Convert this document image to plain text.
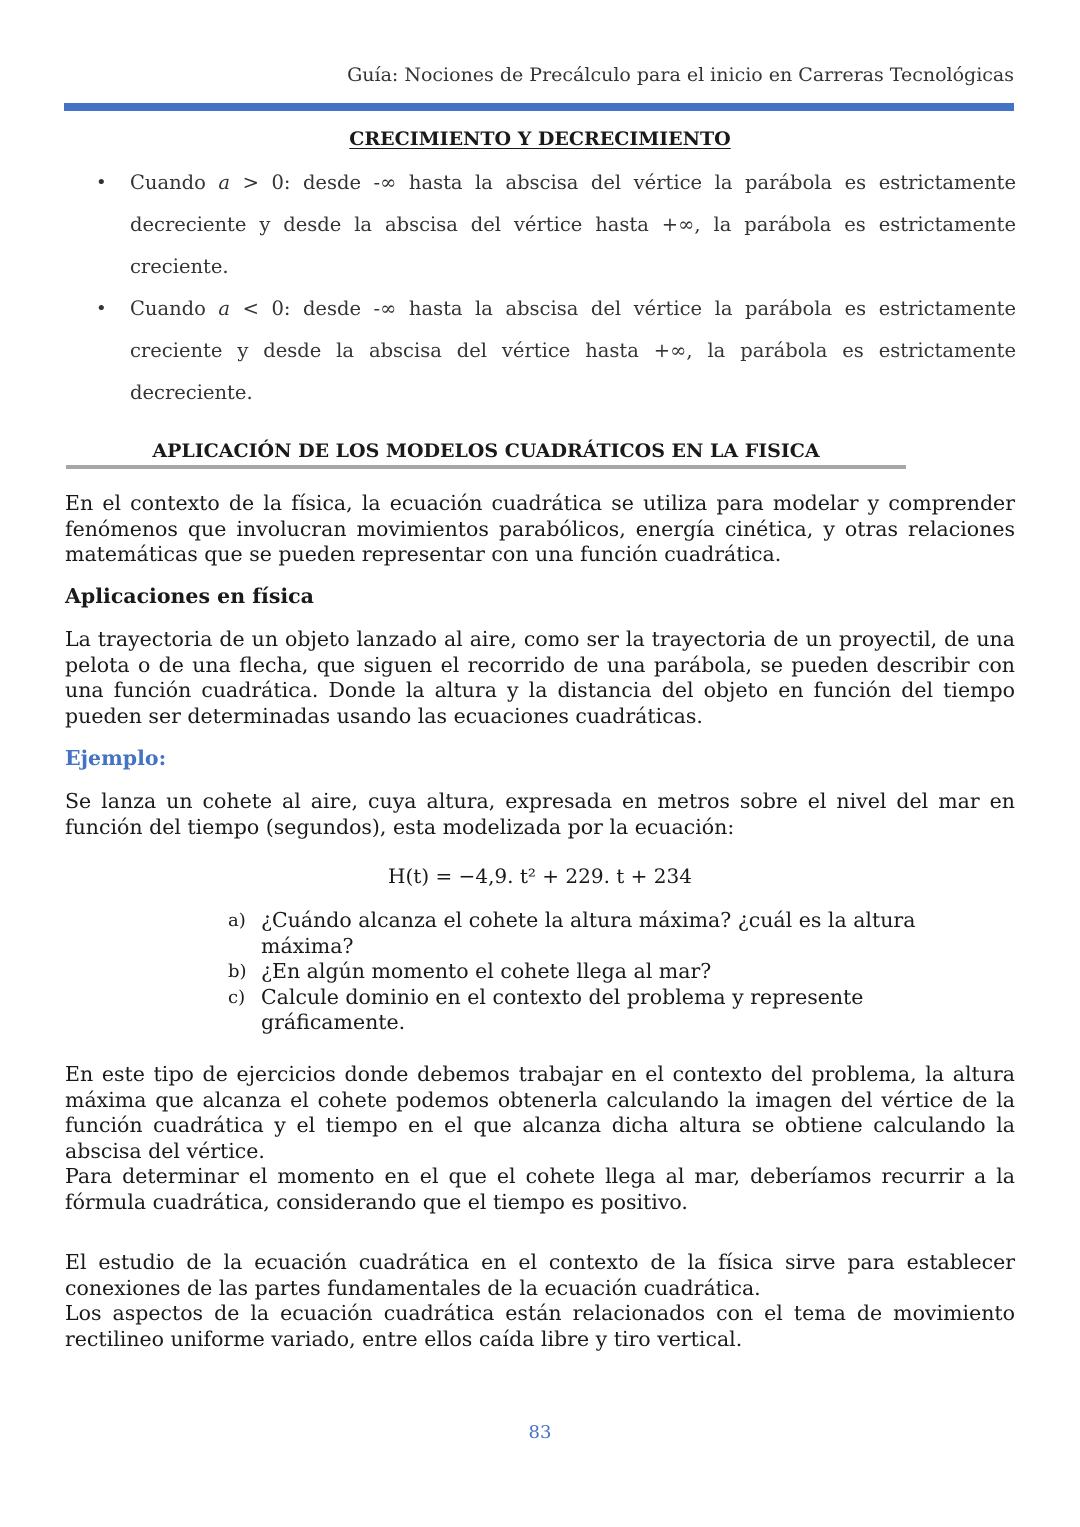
Guía: Nociones de Precálculo para el inicio en Carreras Tecnológicas
CRECIMIENTO Y DECRECIMIENTO
• Cuando a > 0: desde -∞ hasta la abscisa del vértice la parábola es estrictamente decreciente y desde la abscisa del vértice hasta +∞, la parábola es estrictamente creciente.
• Cuando a < 0: desde -∞ hasta la abscisa del vértice la parábola es estrictamente creciente y desde la abscisa del vértice hasta +∞, la parábola es estrictamente decreciente.
APLICACIÓN DE LOS MODELOS CUADRÁTICOS EN LA FISICA
En el contexto de la física, la ecuación cuadrática se utiliza para modelar y comprender
fenómenos que involucran movimientos parabólicos, energía cinética, y otras relaciones
matemáticas que se pueden representar con una función cuadrática.
Aplicaciones en física
La trayectoria de un objeto lanzado al aire, como ser la trayectoria de un proyectil, de una
pelota o de una flecha, que siguen el recorrido de una parábola, se pueden describir con
una función cuadrática. Donde la altura y la distancia del objeto en función del tiempo
pueden ser determinadas usando las ecuaciones cuadráticas.
Ejemplo:
Se lanza un cohete al aire, cuya altura, expresada en metros sobre el nivel del mar en
función del tiempo (segundos), esta modelizada por la ecuación:
H(t) = −4,9. t² + 229. t + 234
a) ¿Cuándo alcanza el cohete la altura máxima? ¿cuál es la altura máxima?
b) ¿En algún momento el cohete llega al mar?
c) Calcule dominio en el contexto del problema y represente gráficamente.
En este tipo de ejercicios donde debemos trabajar en el contexto del problema, la altura
máxima que alcanza el cohete podemos obtenerla calculando la imagen del vértice de la
función cuadrática y el tiempo en el que alcanza dicha altura se obtiene calculando la
abscisa del vértice.
Para determinar el momento en el que el cohete llega al mar, deberíamos recurrir a la
fórmula cuadrática, considerando que el tiempo es positivo.
El estudio de la ecuación cuadrática en el contexto de la física sirve para establecer
conexiones de las partes fundamentales de la ecuación cuadrática.
Los aspectos de la ecuación cuadrática están relacionados con el tema de movimiento
rectilineo uniforme variado, entre ellos caída libre y tiro vertical.
83
